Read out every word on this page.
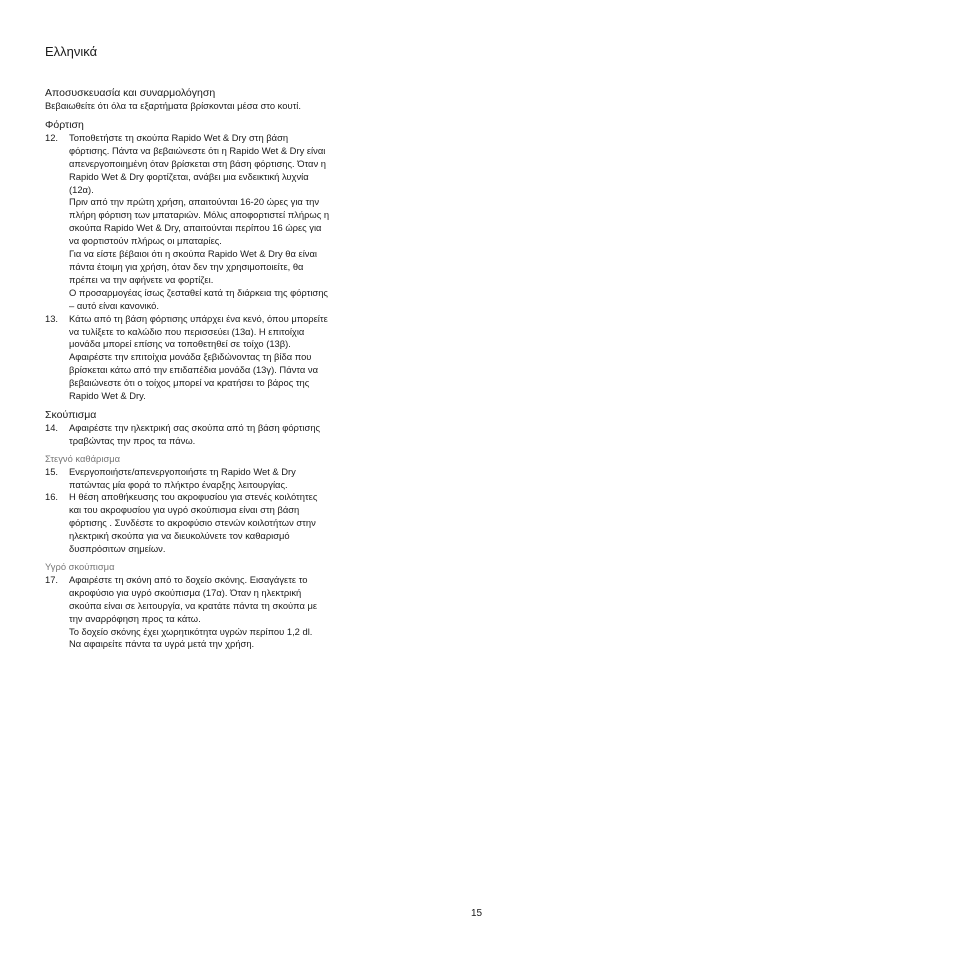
Ελληνικά
Αποσυσκευασία και συναρμολόγηση

Βεβαιωθείτε ότι όλα τα εξαρτήματα βρίσκονται μέσα στο κουτί.

Φόρτιση
12.	Τοποθετήστε τη σκούπα Rapido Wet & Dry στη βάση φόρτισης. Πάντα να βεβαιώνεστε ότι η Rapido Wet & Dry είναι απενεργοποιημένη όταν βρίσκεται στη βάση φόρτισης. Όταν η Rapido Wet & Dry φορτίζεται, ανάβει μια ενδεικτική λυχνία (12α).

Πριν από την πρώτη χρήση, απαιτούνται 16-20 ώρες για την πλήρη φόρτιση των μπαταριών. Μόλις αποφορτιστεί πλήρως η σκούπα Rapido Wet & Dry, απαιτούνται περίπου 16 ώρες για να φορτιστούν πλήρως οι μπαταρίες.

Για να είστε βέβαιοι ότι η σκούπα Rapido Wet & Dry θα είναι πάντα έτοιμη για χρήση, όταν δεν την χρησιμοποιείτε, θα πρέπει να την αφήνετε να φορτίζει.

Ο προσαρμογέας ίσως ζεσταθεί κατά τη διάρκεια της φόρτισης – αυτό είναι κανονικό.

13.	Κάτω από τη βάση φόρτισης υπάρχει ένα κενό, όπου μπορείτε να τυλίξετε το καλώδιο που περισσεύει (13α). Η επιτοίχια μονάδα μπορεί επίσης να τοποθετηθεί σε τοίχο (13β). Αφαιρέστε την επιτοίχια μονάδα ξεβιδώνοντας τη βίδα που βρίσκεται κάτω από την επιδαπέδια μονάδα (13γ). Πάντα να βεβαιώνεστε ότι ο τοίχος μπορεί να κρατήσει το βάρος της Rapido Wet & Dry.

Σκούπισμα
14.	Αφαιρέστε την ηλεκτρική σας σκούπα από τη βάση φόρτισης τραβώντας την προς τα πάνω.

Στεγνό καθάρισμα
15.	Ενεργοποιήστε/απενεργοποιήστε τη Rapido Wet & Dry πατώντας μία φορά το πλήκτρο έναρξης λειτουργίας.

16.	Η θέση αποθήκευσης του ακροφυσίου για στενές κοιλότητες και του ακροφυσίου για υγρό σκούπισμα είναι στη βάση φόρτισης . Συνδέστε το ακροφύσιο στενών κοιλοτήτων στην ηλεκτρική σκούπα για να διευκολύνετε τον καθαρισμό δυσπρόσιτων σημείων.

Υγρό σκούπισμα
17.	Αφαιρέστε τη σκόνη από το δοχείο σκόνης. Εισαγάγετε το ακροφύσιο για υγρό σκούπισμα (17α). Όταν η ηλεκτρική σκούπα είναι σε λειτουργία, να κρατάτε πάντα τη σκούπα με την αναρρόφηση προς τα κάτω.

Το δοχείο σκόνης έχει χωρητικότητα υγρών περίπου 1,2 dl.

Να αφαιρείτε πάντα τα υγρά μετά την χρήση.

15
